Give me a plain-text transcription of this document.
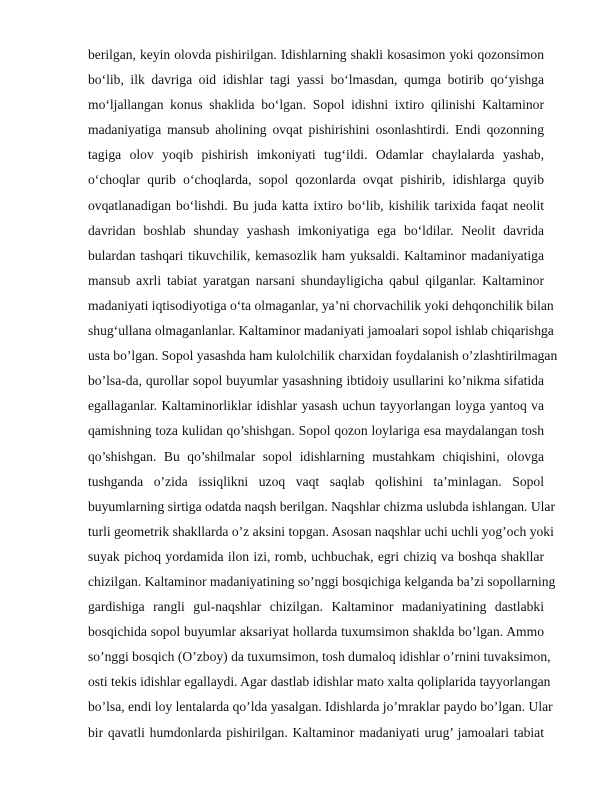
berilgan, keyin olovda pishirilgan. Idishlarning shakli kosasimon yoki qozonsimon
bo‘lib, ilk davriga oid idishlar tagi yassi bo‘lmasdan, qumga botirib qo‘yishga
mo‘ljallangan konus shaklida bo‘lgan. Sopol idishni ixtiro qilinishi Kaltaminor
madaniyatiga mansub aholining ovqat pishirishini osonlashtirdi. Endi qozonning
tagiga olov yoqib pishirish imkoniyati tug‘ildi. Odamlar chaylalarda yashab,
o‘choqlar qurib o‘choqlarda, sopol qozonlarda ovqat pishirib, idishlarga quyib
ovqatlanadigan bo‘lishdi. Bu juda katta ixtiro bo‘lib, kishilik tarixida faqat neolit
davridan boshlab shunday yashash imkoniyatiga ega bo‘ldilar. Neolit davrida
bulardan tashqari tikuvchilik, kemasozlik ham yuksaldi. Kaltaminor madaniyatiga
mansub axrli tabiat yaratgan narsani shundayligicha qabul qilganlar. Kaltaminor
madaniyati iqtisodiyotiga o‘ta olmaganlar, ya’ni chorvachilik yoki dehqonchilik bilan
shug‘ullana olmaganlanlar. Kaltaminor madaniyati jamoalari sopol ishlab chiqarishga
usta bo’lgan. Sopol yasashda ham kulolchilik charxidan foydalanish o’zlashtirilmagan
bo’lsa-da, qurollar sopol buyumlar yasashning ibtidoiy usullarini ko’nikma sifatida
egallaganlar. Kaltaminorliklar idishlar yasash uchun tayyorlangan loyga yantoq va
qamishning toza kulidan qo’shishgan. Sopol qozon loylariga esa maydalangan tosh
qo’shishgan. Bu qo’shilmalar sopol idishlarning mustahkam chiqishini, olovga
tushganda o’zida issiqlikni uzoq vaqt saqlab qolishini ta’minlagan. Sopol
buyumlarning sirtiga odatda naqsh berilgan. Naqshlar chizma uslubda ishlangan. Ular
turli geometrik shakllarda o’z aksini topgan. Asosan naqshlar uchi uchli yog’och yoki
suyak pichoq yordamida ilon izi, romb, uchbuchak, egri chiziq va boshqa shakllar
chizilgan. Kaltaminor madaniyatining so’nggi bosqichiga kelganda ba’zi sopollarning
gardishiga rangli gul-naqshlar chizilgan. Kaltaminor madaniyatining dastlabki
bosqichida sopol buyumlar aksariyat hollarda tuxumsimon shaklda bo’lgan. Ammo
so’nggi bosqich (O’zboy) da tuxumsimon, tosh dumaloq idishlar o’rnini tuvaksimon,
osti tekis idishlar egallaydi. Agar dastlab idishlar mato xalta qoliplarida tayyorlangan
bo’lsa, endi loy lentalarda qo’lda yasalgan. Idishlarda jo’mraklar paydo bo’lgan. Ular
bir qavatli humdonlarda pishirilgan. Kaltaminor madaniyati urug’ jamoalari tabiat
